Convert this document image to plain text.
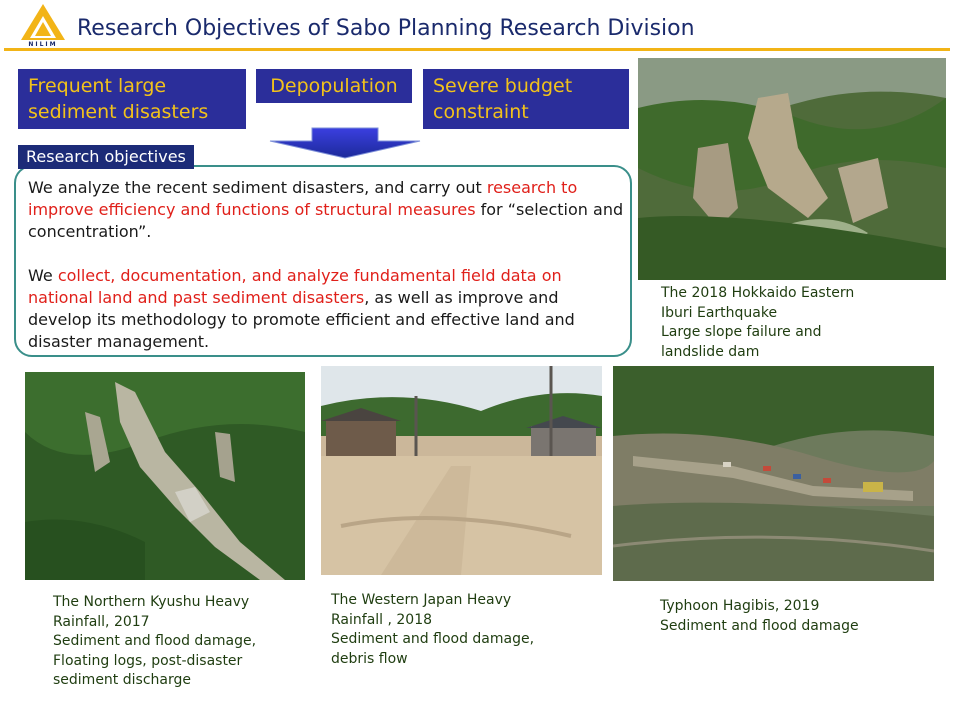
NILIM
Research Objectives of Sabo Planning Research Division
Frequent large
sediment disasters
Depopulation Severe budget
constraint
Research objectives
We analyze the recent sediment disasters, and carry out research to improve efficiency and functions of structural measures for “selection and concentration”.
We collect, documentation, and analyze fundamental field data on national land and past sediment disasters, as well as improve and develop its methodology to promote efficient and effective land and disaster management.
The 2018 Hokkaido Eastern
Iburi Earthquake
Large slope failure and
landslide dam
The Northern Kyushu Heavy
Rainfall, 2017
Sediment and flood damage,
Floating logs, post-disaster
sediment discharge
The Western Japan Heavy
Rainfall , 2018
Sediment and flood damage,
debris flow
Typhoon Hagibis, 2019
Sediment and flood damage
